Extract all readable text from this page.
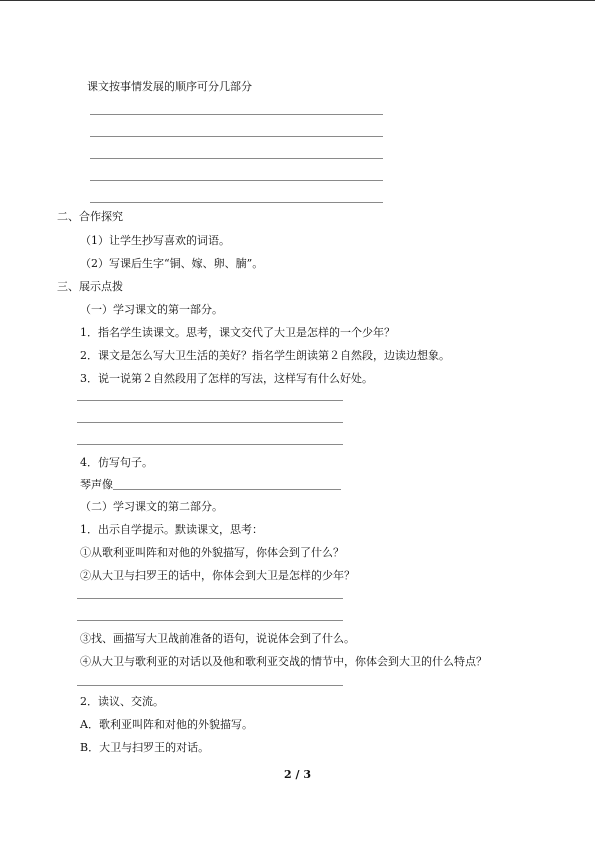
课文按事情发展的顺序可分几部分
二、合作探究
（1）让学生抄写喜欢的词语。
（2）写课后生字“铜、嫁、卵、腩”。
三、展示点拨
（一）学习课文的第一部分。
1．指名学生读课文。思考，课文交代了大卫是怎样的一个少年？
2．课文是怎么写大卫生活的美好？指名学生朗读第２自然段，边读边想象。
3．说一说第２自然段用了怎样的写法，这样写有什么好处。
4．仿写句子。
琴声像
（二）学习课文的第二部分。
1．出示自学提示。默读课文，思考：
①从歌利亚叫阵和对他的外貌描写，你体会到了什么？
②从大卫与扫罗王的话中，你体会到大卫是怎样的少年？
③找、画描写大卫战前准备的语句，说说体会到了什么。
④从大卫与歌利亚的对话以及他和歌利亚交战的情节中，你体会到大卫的什么特点？
2．读议、交流。
A．歌利亚叫阵和对他的外貌描写。
B．大卫与扫罗王的对话。
2 / 3
